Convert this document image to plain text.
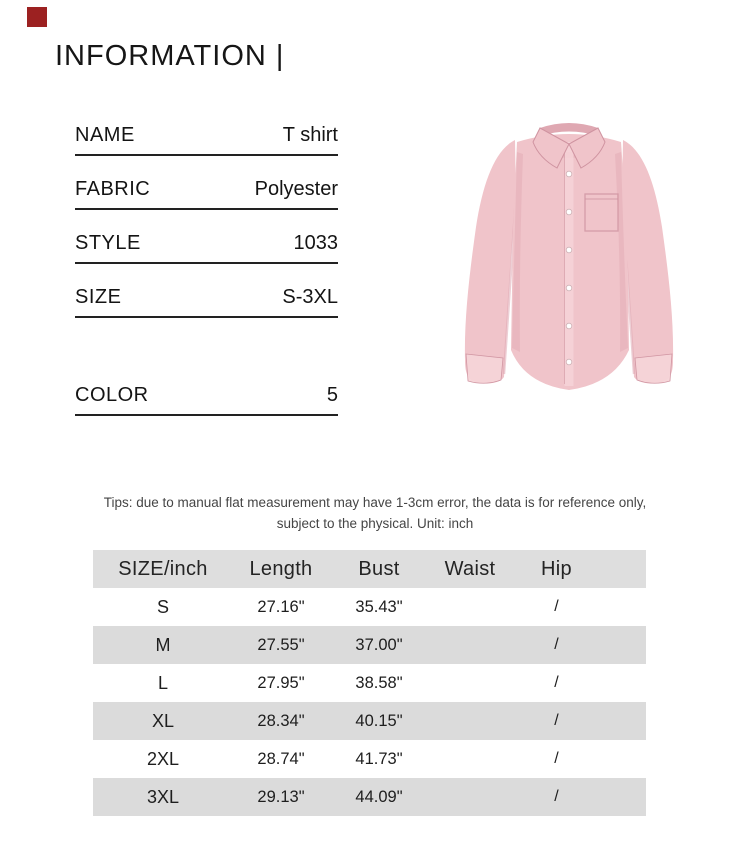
INFORMATION |
NAME	T shirt
FABRIC	Polyester
STYLE	1033
SIZE	S-3XL
COLOR	5
Tips: due to manual flat measurement may have 1-3cm error, the data is for reference only,
subject to the physical. Unit: inch
SIZE/inch	Length	Bust	Waist	Hip
S	27.16"	35.43"		/
M	27.55"	37.00"		/
L	27.95"	38.58"		/
XL	28.34"	40.15"		/
2XL	28.74"	41.73"		/
3XL	29.13"	44.09"		/
